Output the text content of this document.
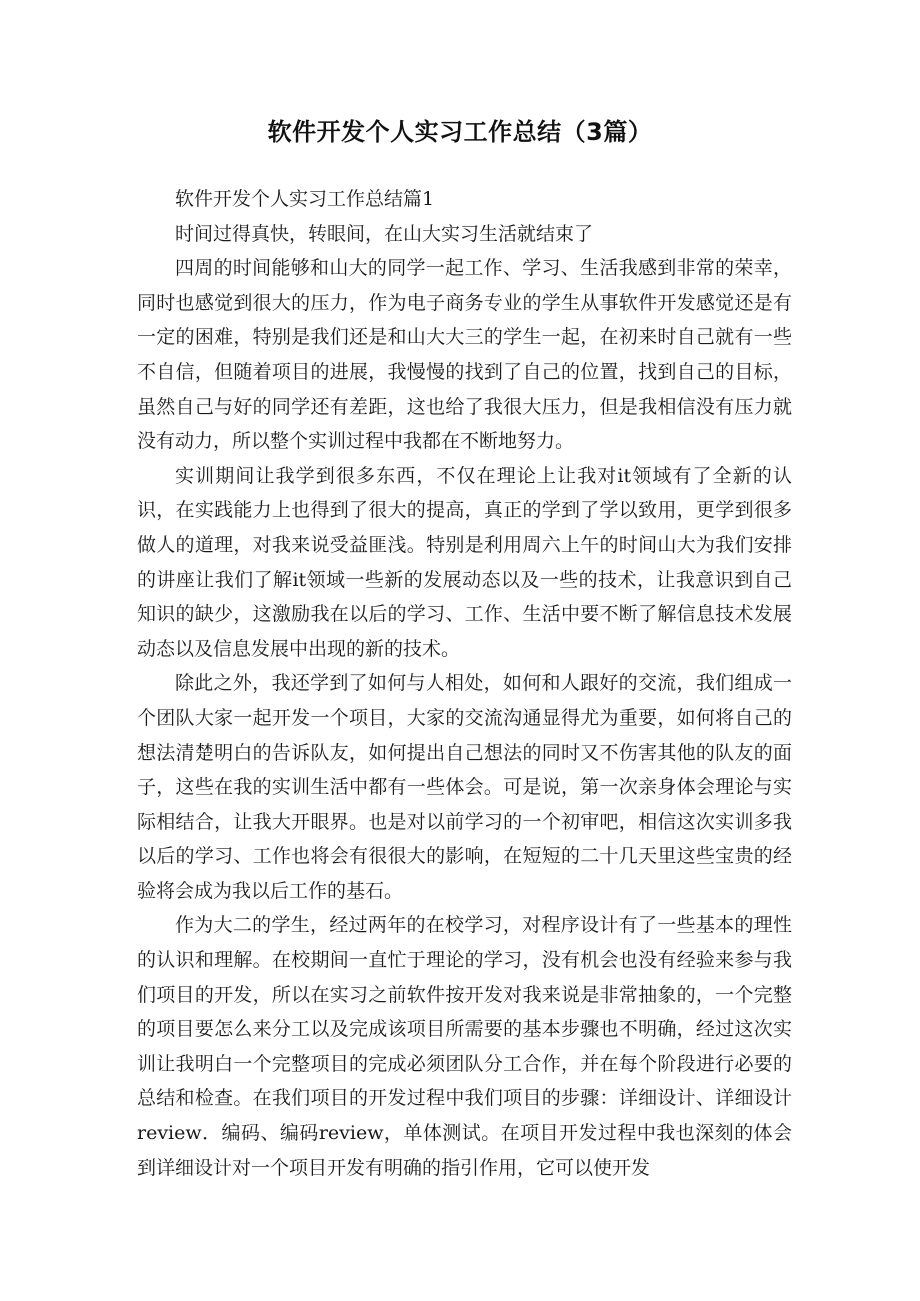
软件开发个人实习工作总结（3篇）

软件开发个人实习工作总结篇1

时间过得真快，转眼间，在山大实习生活就结束了

四周的时间能够和山大的同学一起工作、学习、生活我感到非常的荣幸，同时也感觉到很大的压力，作为电子商务专业的学生从事软件开发感觉还是有一定的困难，特别是我们还是和山大大三的学生一起，在初来时自己就有一些不自信，但随着项目的进展，我慢慢的找到了自己的位置，找到自己的目标，虽然自己与好的同学还有差距，这也给了我很大压力，但是我相信没有压力就没有动力，所以整个实训过程中我都在不断地努力。

实训期间让我学到很多东西，不仅在理论上让我对it领域有了全新的认识，在实践能力上也得到了很大的提高，真正的学到了学以致用，更学到很多做人的道理，对我来说受益匪浅。特别是利用周六上午的时间山大为我们安排的讲座让我们了解it领域一些新的发展动态以及一些的技术，让我意识到自己知识的缺少，这激励我在以后的学习、工作、生活中要不断了解信息技术发展动态以及信息发展中出现的新的技术。

除此之外，我还学到了如何与人相处，如何和人跟好的交流，我们组成一个团队大家一起开发一个项目，大家的交流沟通显得尤为重要，如何将自己的想法清楚明白的告诉队友，如何提出自己想法的同时又不伤害其他的队友的面子，这些在我的实训生活中都有一些体会。可是说，第一次亲身体会理论与实际相结合，让我大开眼界。也是对以前学习的一个初审吧，相信这次实训多我以后的学习、工作也将会有很很大的影响，在短短的二十几天里这些宝贵的经验将会成为我以后工作的基石。

作为大二的学生，经过两年的在校学习，对程序设计有了一些基本的理性的认识和理解。在校期间一直忙于理论的学习，没有机会也没有经验来参与我们项目的开发，所以在实习之前软件按开发对我来说是非常抽象的，一个完整的项目要怎么来分工以及完成该项目所需要的基本步骤也不明确，经过这次实训让我明白一个完整项目的完成必须团队分工合作，并在每个阶段进行必要的总结和检查。在我们项目的开发过程中我们项目的步骤：详细设计、详细设计review．编码、编码review，单体测试。在项目开发过程中我也深刻的体会到详细设计对一个项目开发有明确的指引作用，它可以使开发
